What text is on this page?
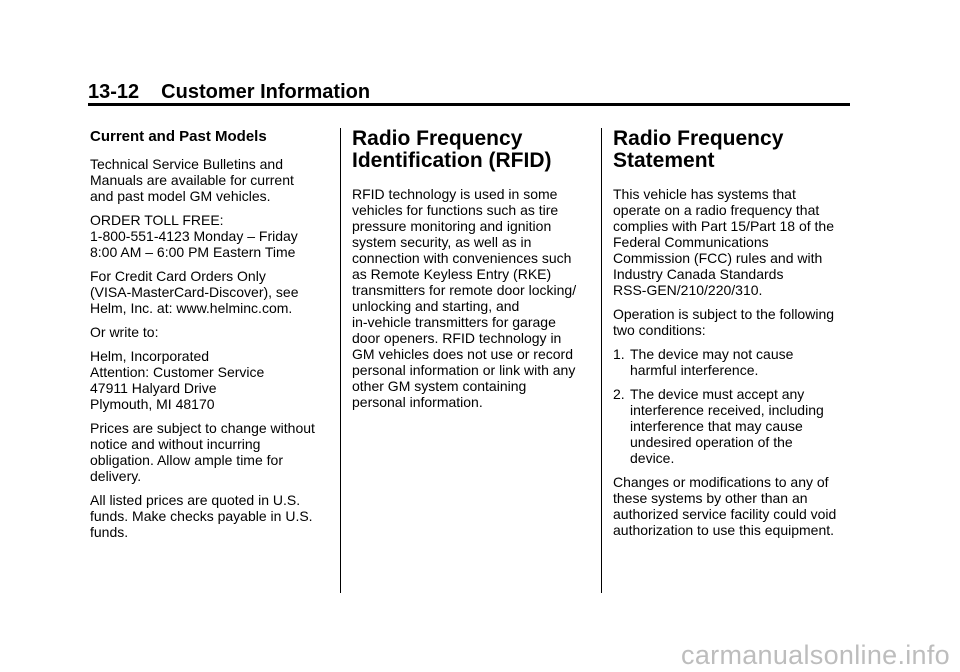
13-12 Customer Information
Current and Past Models

Technical Service Bulletins and
Manuals are available for current
and past model GM vehicles.

ORDER TOLL FREE:
1-800-551-4123 Monday – Friday
8:00 AM – 6:00 PM Eastern Time

For Credit Card Orders Only
(VISA-MasterCard-Discover), see
Helm, Inc. at: www.helminc.com.

Or write to:

Helm, Incorporated
Attention: Customer Service
47911 Halyard Drive
Plymouth, MI 48170

Prices are subject to change without
notice and without incurring
obligation. Allow ample time for
delivery.

All listed prices are quoted in U.S.
funds. Make checks payable in U.S.
funds.

Radio Frequency
Identification (RFID)

RFID technology is used in some
vehicles for functions such as tire
pressure monitoring and ignition
system security, as well as in
connection with conveniences such
as Remote Keyless Entry (RKE)
transmitters for remote door locking/
unlocking and starting, and
in-vehicle transmitters for garage
door openers. RFID technology in
GM vehicles does not use or record
personal information or link with any
other GM system containing
personal information.

Radio Frequency
Statement

This vehicle has systems that
operate on a radio frequency that
complies with Part 15/Part 18 of the
Federal Communications
Commission (FCC) rules and with
Industry Canada Standards
RSS-GEN/210/220/310.

Operation is subject to the following
two conditions:

1. The device may not cause
harmful interference.
2. The device must accept any
interference received, including
interference that may cause
undesired operation of the
device.

Changes or modifications to any of
these systems by other than an
authorized service facility could void
authorization to use this equipment.

carmanualsonline.info
